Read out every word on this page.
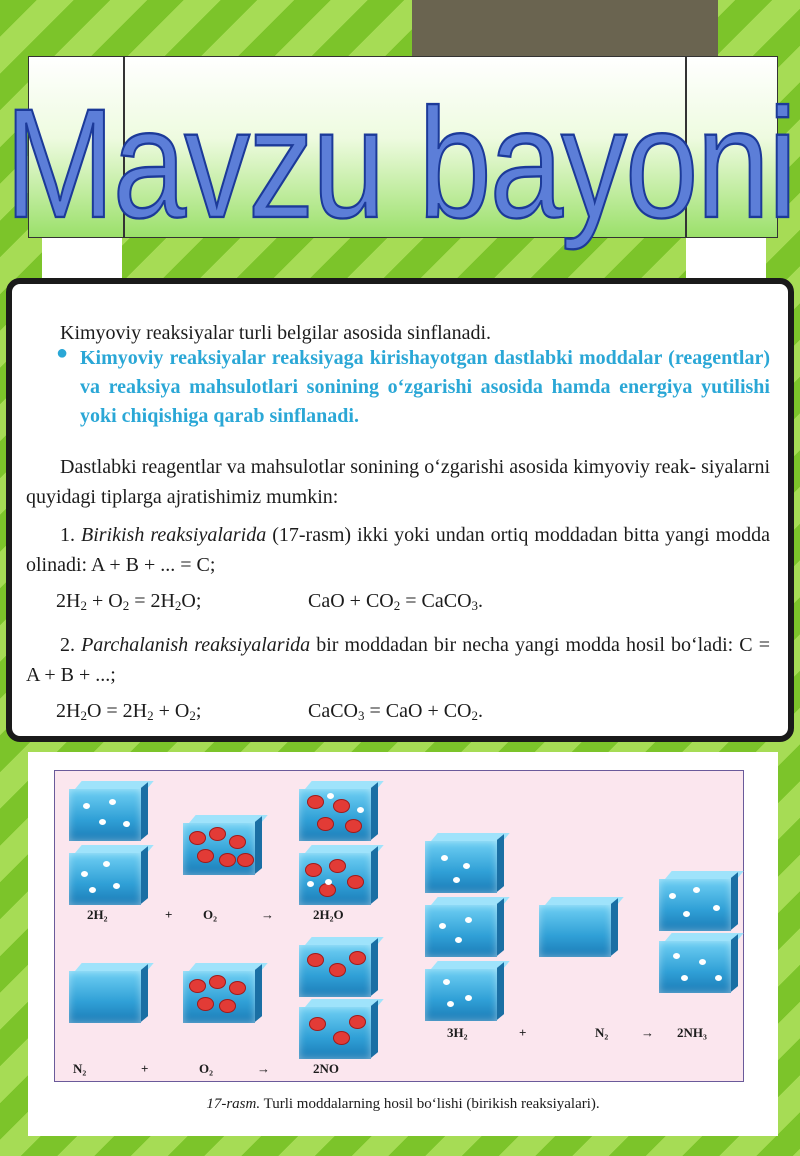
Mavzu bayoni
Kimyoviy reaksiyalar turli belgilar asosida sinflanadi.
● Kimyoviy reaksiyalar reaksiyaga kirishayotgan dastlabki moddalar (reagentlar) va reaksiya mahsulotlari sonining o‘zgarishi asosida hamda energiya yutilishi yoki chiqishiga qarab sinflanadi.
Dastlabki reagentlar va mahsulotlar sonining o‘zgarishi asosida kimyoviy reak- siyalarni quyidagi tiplarga ajratishimiz mumkin:
1. Birikish reaksiyalarida (17-rasm) ikki yoki undan ortiq moddadan bitta yangi modda olinadi: A + B + ... = C;
$2H_2 + O_2 = 2H_2O$;	CaO + $CO_2$ = CaCO$_3$.
2. Parchalanish reaksiyalarida bir moddadan bir necha yangi modda hosil bo‘ladi: C = A + B + ...;
$2H_2O = 2H_2 + O_2$;	CaCO$_3$ = CaO + $CO_2$.
2H₂	+ O₂	→	2H₂O
N₂	+	O₂	→	2NO
3H₂	+	N₂	→ 2NH₃
17-rasm. Turli moddalarning hosil bo‘lishi (birikish reaksiyalari).
